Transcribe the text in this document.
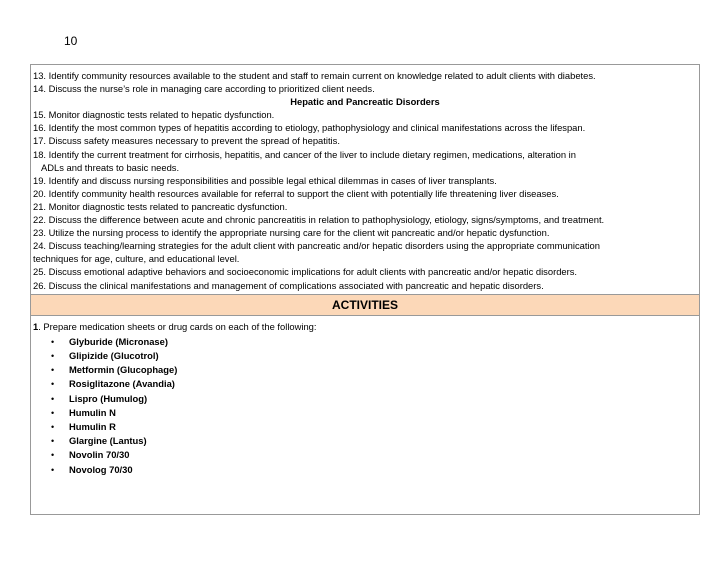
10
13. Identify community resources available to the student and staff to remain current on knowledge related to adult clients with diabetes.
14. Discuss the nurse’s role in managing care according to prioritized client needs.
Hepatic and Pancreatic Disorders
15. Monitor diagnostic tests related to hepatic dysfunction.
16. Identify the most common types of hepatitis according to etiology, pathophysiology and clinical manifestations across the lifespan.
17. Discuss safety measures necessary to prevent the spread of hepatitis.
18. Identify the current treatment for cirrhosis, hepatitis, and cancer of the liver to include dietary regimen, medications, alteration in
ADLs and threats to basic needs.
19. Identify and discuss nursing responsibilities and possible legal ethical dilemmas in cases of liver transplants.
20. Identify community health resources available for referral to support the client with potentially life threatening liver diseases.
21. Monitor diagnostic tests related to pancreatic dysfunction.
22. Discuss the difference between acute and chronic pancreatitis in relation to pathophysiology, etiology, signs/symptoms, and treatment.
23. Utilize the nursing process to identify the appropriate nursing care for the client wit pancreatic and/or hepatic dysfunction.
24. Discuss teaching/learning strategies for the adult client with pancreatic and/or hepatic disorders using the appropriate communication
techniques for age, culture, and educational level.
25. Discuss emotional adaptive behaviors and socioeconomic implications for adult clients with pancreatic and/or hepatic disorders.
26. Discuss the clinical manifestations and management of complications associated with pancreatic and hepatic disorders.

ACTIVITIES

1. Prepare medication sheets or drug cards on each of the following:
• Glyburide (Micronase)
• Glipizide (Glucotrol)
• Metformin (Glucophage)
• Rosiglitazone (Avandia)
• Lispro (Humulog)
• Humulin N
• Humulin R
• Glargine (Lantus)
• Novolin 70/30
• Novolog 70/30
